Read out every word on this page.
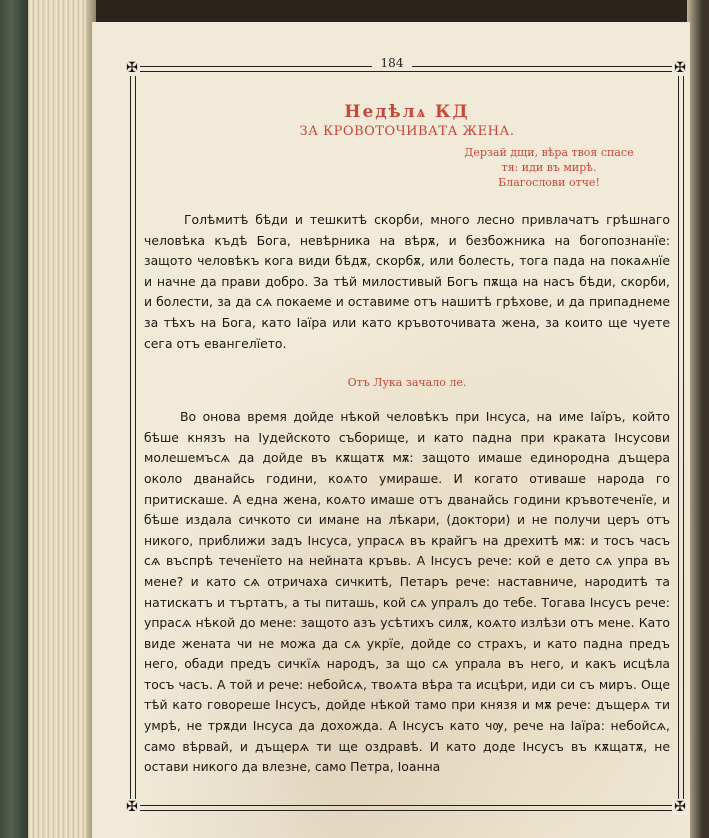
✠	✠
✠	✠
184
Недѣлѧ КД
ЗА КРОВОТОЧИВАТА ЖЕНА.
Дерзай дщи, вѣра твоя спасе
тя: иди въ мирѣ.
Благослови отче!

Голѣмитѣ бѣди и тешкитѣ скорби, много лесно привлачатъ грѣшнаго человѣка къдѣ Бога, невѣрника на вѣрѫ, и безбожника на богопознанїе: защото человѣкъ кога види бѣдѫ, скорбѫ, или болесть, тога пада на покаѧнїе и начне да прави добро. За тѣй милостивый Богъ пѫща на насъ бѣди, скорби, и болести, за да сѧ покаеме и оставиме отъ нашитѣ грѣхове, и да припаднеме за тѣхъ на Бога, като Іаїра или като кръвоточивата жена, за които ще чуете сега отъ евангелїето.

Отъ Лука зачало ле.

Во онова время дойде нѣкой человѣкъ при Інсуса, на име Іаїръ, който бѣше князъ на Іудейското съборище, и като падна при краката Інсусови молешемъсѧ да дойде въ кѫщатѫ мѫ: защото имаше единородна дъщера около дванайсь години, коѧто умираше. И когато отиваше народа го притискаше. А една жена, коѧто имаше отъ дванайсь години кръвотеченїе, и бѣше издала сичкото си имане на лѣкари, (доктори) и не получи церъ отъ никого, приближи задъ Інсуса, упрасѧ въ крайгъ на дрехитѣ мѫ: и тосъ часъ сѧ въспрѣ теченїето на нейната кръвь. А Інсусъ рече: кой е дето сѧ упра въ мене? и като сѧ отричаха сичкитѣ, Петаръ рече: наставниче, народитѣ та натискатъ и търтатъ, а ты питашь, кой сѧ упралъ до тебе. Тогава Інсусъ рече: упрасѧ нѣкой до мене: защото азъ усѣтихъ силѫ, коѧто излѣзи отъ мене. Като виде жената чи не можа да сѧ укрїе, дойде со страхъ, и като падна предъ него, обади предъ сичкїѧ народъ, за що сѧ упрала въ него, и какъ исцѣла тосъ часъ. А той и рече: небойсѧ, твоѧта вѣра та исцѣри, иди си съ миръ. Още тѣй като говореше Інсусъ, дойде нѣкой тамо при князя и мѫ рече: дъщерѧ ти умрѣ, не трѫди Інсуса да дохожда. А Інсусъ като чѹ, рече на Іаїра: небойсѧ, само вѣрвай, и дъщерѧ ти ще оздравѣ. И като доде Інсусъ въ кѫщатѫ, не остави никого да влезне, само Петра, Іоанна
